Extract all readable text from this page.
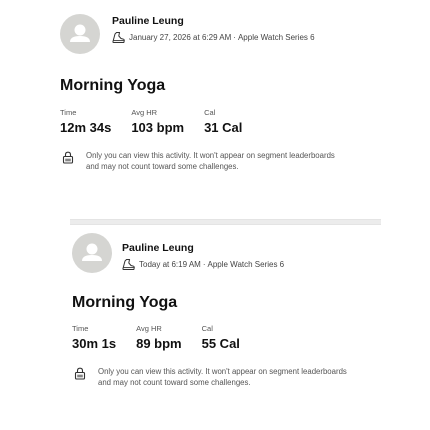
Pauline Leung
January 27, 2026 at 6:29 AM · Apple Watch Series 6
Morning Yoga
Time
12m 34s
Avg HR
103 bpm
Cal
31 Cal
Only you can view this activity. It won't appear on segment leaderboards and may not count toward some challenges.
Pauline Leung
Today at 6:19 AM · Apple Watch Series 6
Morning Yoga
Time
30m 1s
Avg HR
89 bpm
Cal
55 Cal
Only you can view this activity. It won't appear on segment leaderboards and may not count toward some challenges.
